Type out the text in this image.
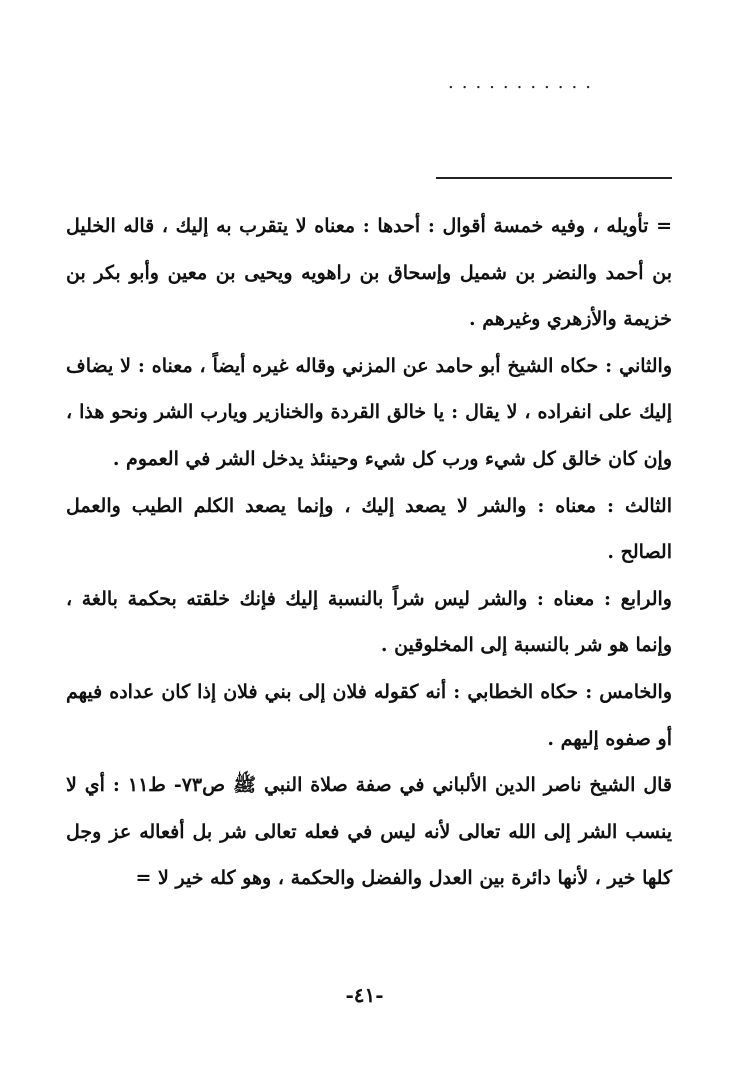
...........

= تأويله ، وفيه خمسة أقوال : أحدها : معناه لا يتقرب به إليك ، قاله الخليل بن أحمد والنضر بن شميل وإسحاق بن راهويه ويحيى بن معين وأبو بكر بن خزيمة والأزهري وغيرهم .

والثاني : حكاه الشيخ أبو حامد عن المزني وقاله غيره أيضاً ، معناه : لا يضاف إليك على انفراده ، لا يقال : يا خالق القردة والخنازير ويارب الشر ونحو هذا ، وإن كان خالق كل شيء ورب كل شيء وحينئذ يدخل الشر في العموم .

الثالث : معناه : والشر لا يصعد إليك ، وإنما يصعد الكلم الطيب والعمل الصالح .

والرابع : معناه : والشر ليس شراً بالنسبة إليك فإنك خلقته بحكمة بالغة ، وإنما هو شر بالنسبة إلى المخلوقين .

والخامس : حكاه الخطابي : أنه كقوله فلان إلى بني فلان إذا كان عداده فيهم أو صفوه إليهم .

قال الشيخ ناصر الدين الألباني في صفة صلاة النبي ﷺ ص٧٣- ط١١ : أي لا ينسب الشر إلى الله تعالى لأنه ليس في فعله تعالى شر بل أفعاله عز وجل كلها خير ، لأنها دائرة بين العدل والفضل والحكمة ، وهو كله خير لا =

-٤١-
